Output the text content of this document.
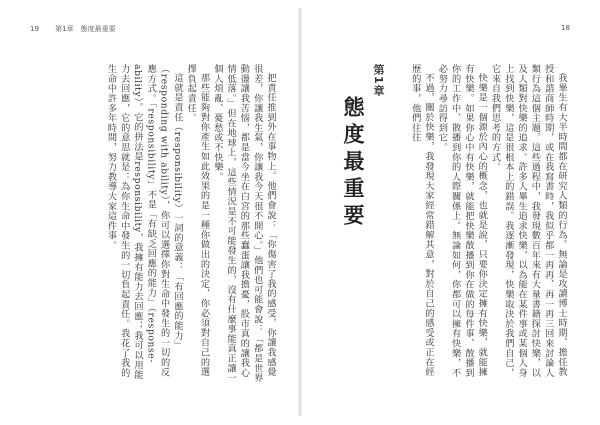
19 第1章　態度最重要

把責任推到外在事物上。他們會說：「你傷害了我的感受，你讓我感覺很差，你讓我生氣，你讓我今天很不開心。」他們也可能會說：「都是世界動盪讓我苦惱，都是當今坐在白宮的那些蠢蛋讓我擔憂，股市真的讓我心情低落。」但在地球上，這些情況是不可能發生的，沒有什麼事能真正讓一個人煩亂、憂愁或不快樂。

那些能夠對你產生如此效果的是一種你做出的決定，你必須對自己的選擇負起責任。

這就是責任（responsibility）一詞的意義：「有回應的能力」（responding with ability），你可以選擇你對生命中發生的一切的反應方式。「responsibility」不是「有缺乏回應的能力」（response-ability）。它的拼法是responsibility，我擁有能力去回應；我可以用能力去回應，它的意思就是：為你生命中發生的一切負起責任。我花了我的生命中許多年時間，努力教導大家這件事。

18

我畢生有大半時間都在研究人類的行為。無論是攻讀博士時期、擔任教授和諮商師時期，或在我寫書時，我似乎都一再再、再一再三回來討論人類行為這個主題。這些過程中，我發現數百年來有大量書籍探討快樂，以及人類對快樂的追求。許多人畢生追求快樂，以為能在某件事或某個人身上找到快樂，這是很根本上的錯誤。我逐漸發現，快樂取決於我們自己，它來自我們思考的方式。

快樂是一個源於內心的概念，也就是說，只要你決定擁有快樂，就能擁有快樂。如果你心中有快樂，就能把快樂散播到你在做的每件事、散播到你的工作中、散播到你的人際關係上。無論如何，你都可以擁有快樂，不必努力尋訪得到它。

不過，關於快樂，我發現大家經常錯解其意，對於自己的感受或正在經歷的事，他們往往

第1章
態度最重要
